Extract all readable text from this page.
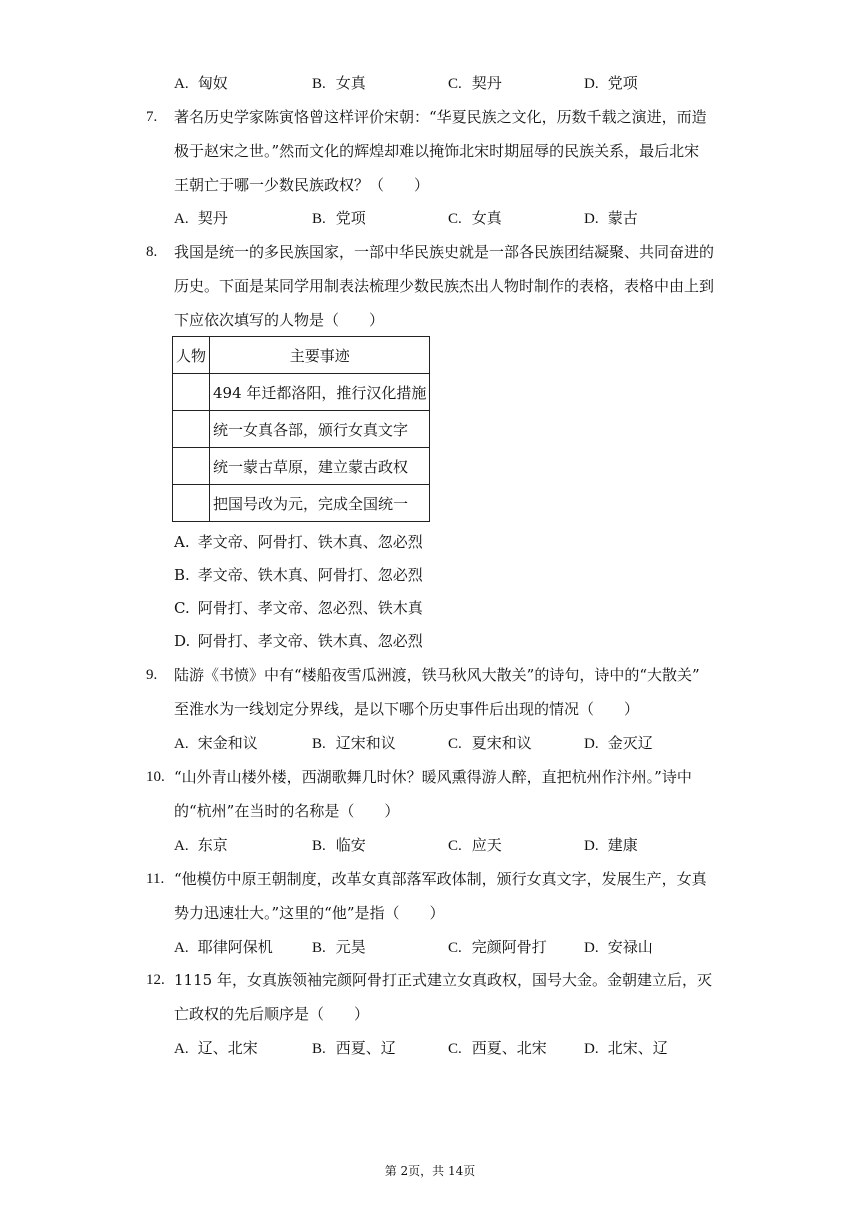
A. 匈奴	B. 女真	C. 契丹	D. 党项
7. 著名历史学家陈寅恪曾这样评价宋朝：“华夏民族之文化，历数千载之演进，而造
极于赵宋之世。”然而文化的辉煌却难以掩饰北宋时期屈辱的民族关系，最后北宋
王朝亡于哪一少数民族政权？（　　）
A. 契丹	B. 党项	C. 女真	D. 蒙古
8. 我国是统一的多民族国家，一部中华民族史就是一部各民族团结凝聚、共同奋进的
历史。下面是某同学用制表法梳理少数民族杰出人物时制作的表格，表格中由上到
下应依次填写的人物是（　　）
人物	主要事迹
	494 年迁都洛阳，推行汉化措施
	统一女真各部，颁行女真文字
	统一蒙古草原，建立蒙古政权
	把国号改为元，完成全国统一
A. 孝文帝、阿骨打、铁木真、忽必烈
B. 孝文帝、铁木真、阿骨打、忽必烈
C. 阿骨打、孝文帝、忽必烈、铁木真
D. 阿骨打、孝文帝、铁木真、忽必烈
9. 陆游《书愤》中有“楼船夜雪瓜洲渡，铁马秋风大散关”的诗句，诗中的“大散关”
至淮水为一线划定分界线，是以下哪个历史事件后出现的情况（　　）
A. 宋金和议	B. 辽宋和议	C. 夏宋和议	D. 金灭辽
10. “山外青山楼外楼，西湖歌舞几时休？暖风熏得游人醉，直把杭州作汴州。”诗中
的“杭州”在当时的名称是（　　）
A. 东京	B. 临安	C. 应天	D. 建康
11. “他模仿中原王朝制度，改革女真部落军政体制，颁行女真文字，发展生产，女真
势力迅速壮大。”这里的“他”是指（　　）
A. 耶律阿保机	B. 元昊	C. 完颜阿骨打 D. 安禄山
12. 1115 年，女真族领袖完颜阿骨打正式建立女真政权，国号大金。金朝建立后，灭
亡政权的先后顺序是（　　）
A. 辽、北宋	B. 西夏、辽	C. 西夏、北宋 D. 北宋、辽
第 2页，共 14页
